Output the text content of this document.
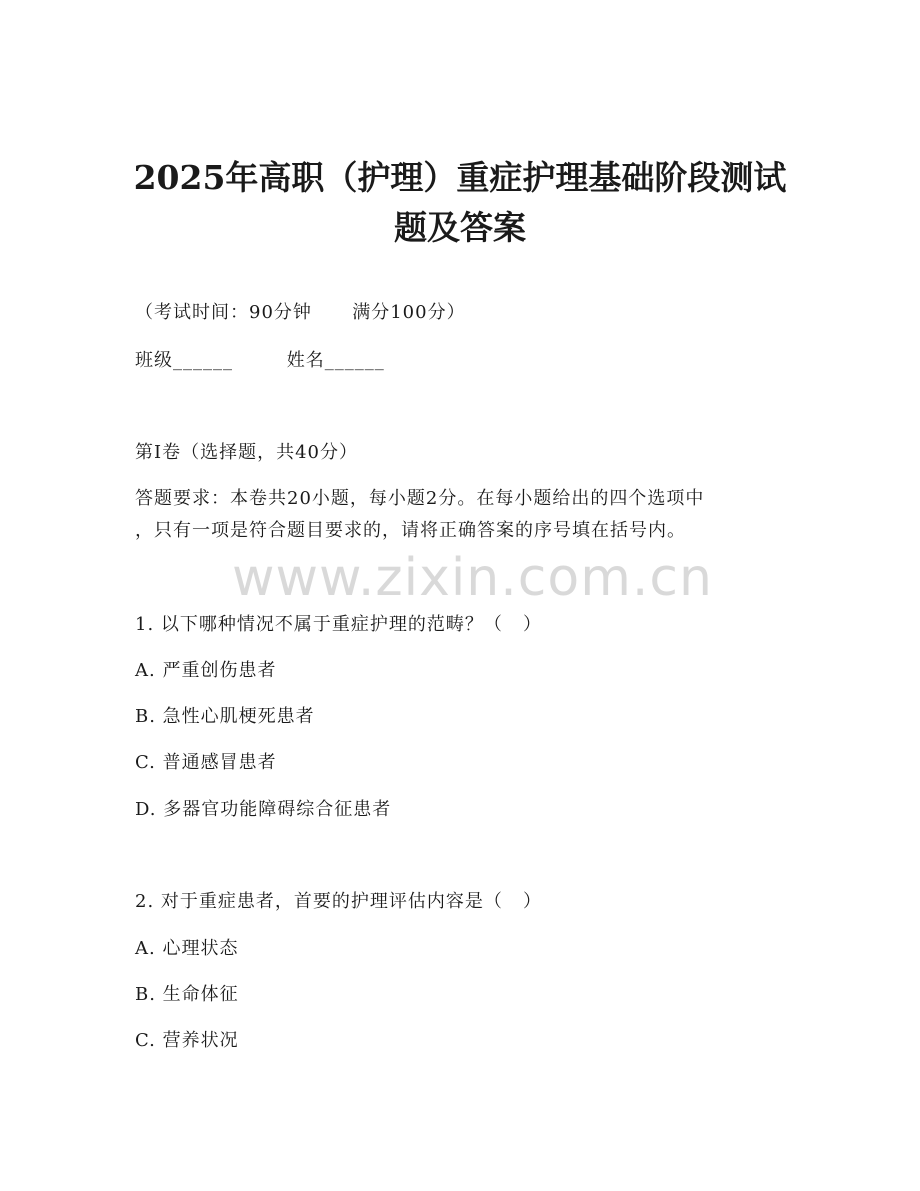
2025年高职（护理）重症护理基础阶段测试
题及答案

（考试时间：90分钟      满分100分）

班级______        姓名______

第I卷（选择题，共40分）

答题要求：本卷共20小题，每小题2分。在每小题给出的四个选项中

，只有一项是符合题目要求的，请将正确答案的序号填在括号内。

www.zixin.com.cn

1. 以下哪种情况不属于重症护理的范畴？（   ）

A. 严重创伤患者

B. 急性心肌梗死患者

C. 普通感冒患者

D. 多器官功能障碍综合征患者

2. 对于重症患者，首要的护理评估内容是（   ）

A. 心理状态

B. 生命体征

C. 营养状况
